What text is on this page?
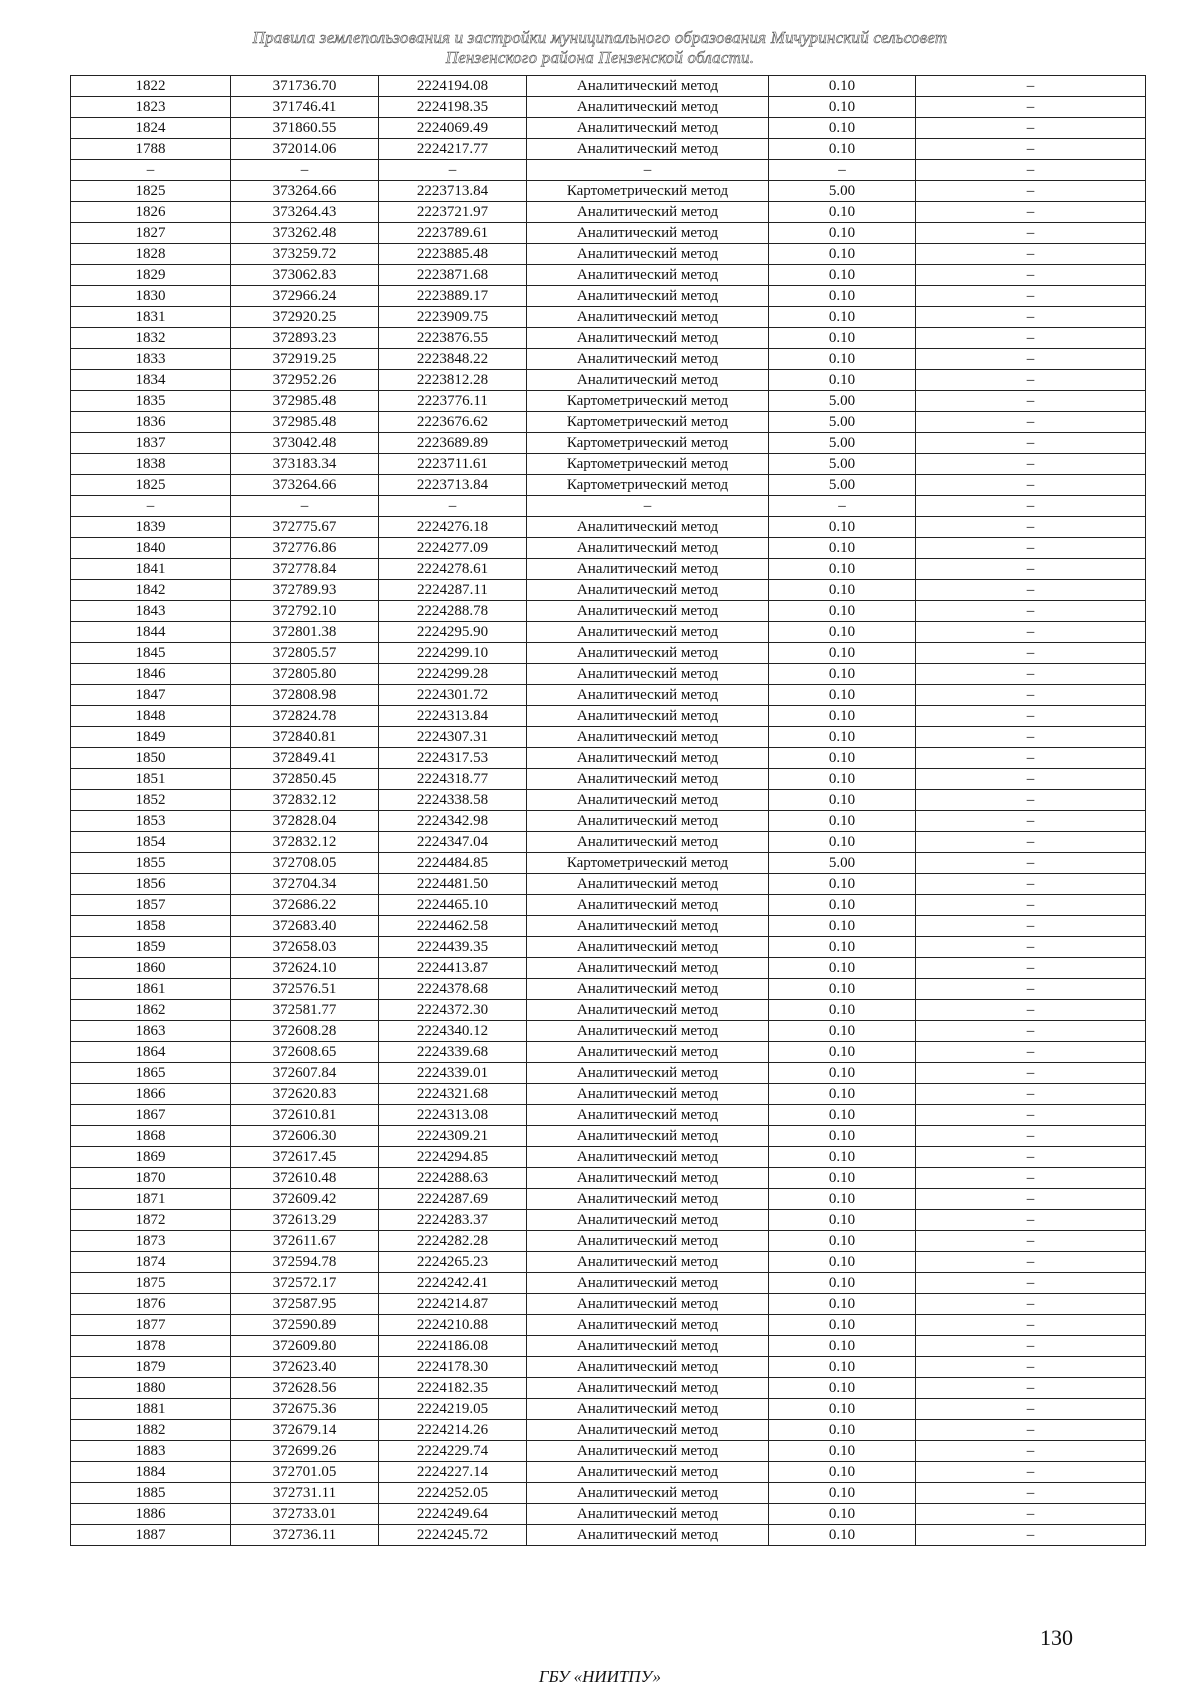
Правила землепользования и застройки муниципального образования Мичуринский сельсовет
Пензенского района Пензенской области.
1822	371736.70	2224194.08	Аналитический метод	0.10	–
1823	371746.41	2224198.35	Аналитический метод	0.10	–
1824	371860.55	2224069.49	Аналитический метод	0.10	–
1788	372014.06	2224217.77	Аналитический метод	0.10	–
–	–	–	–	–	–
1825	373264.66	2223713.84	Картометрический метод	5.00	–
1826	373264.43	2223721.97	Аналитический метод	0.10	–
1827	373262.48	2223789.61	Аналитический метод	0.10	–
1828	373259.72	2223885.48	Аналитический метод	0.10	–
1829	373062.83	2223871.68	Аналитический метод	0.10	–
1830	372966.24	2223889.17	Аналитический метод	0.10	–
1831	372920.25	2223909.75	Аналитический метод	0.10	–
1832	372893.23	2223876.55	Аналитический метод	0.10	–
1833	372919.25	2223848.22	Аналитический метод	0.10	–
1834	372952.26	2223812.28	Аналитический метод	0.10	–
1835	372985.48	2223776.11	Картометрический метод	5.00	–
1836	372985.48	2223676.62	Картометрический метод	5.00	–
1837	373042.48	2223689.89	Картометрический метод	5.00	–
1838	373183.34	2223711.61	Картометрический метод	5.00	–
1825	373264.66	2223713.84	Картометрический метод	5.00	–
–	–	–	–	–	–
1839	372775.67	2224276.18	Аналитический метод	0.10	–
1840	372776.86	2224277.09	Аналитический метод	0.10	–
1841	372778.84	2224278.61	Аналитический метод	0.10	–
1842	372789.93	2224287.11	Аналитический метод	0.10	–
1843	372792.10	2224288.78	Аналитический метод	0.10	–
1844	372801.38	2224295.90	Аналитический метод	0.10	–
1845	372805.57	2224299.10	Аналитический метод	0.10	–
1846	372805.80	2224299.28	Аналитический метод	0.10	–
1847	372808.98	2224301.72	Аналитический метод	0.10	–
1848	372824.78	2224313.84	Аналитический метод	0.10	–
1849	372840.81	2224307.31	Аналитический метод	0.10	–
1850	372849.41	2224317.53	Аналитический метод	0.10	–
1851	372850.45	2224318.77	Аналитический метод	0.10	–
1852	372832.12	2224338.58	Аналитический метод	0.10	–
1853	372828.04	2224342.98	Аналитический метод	0.10	–
1854	372832.12	2224347.04	Аналитический метод	0.10	–
1855	372708.05	2224484.85	Картометрический метод	5.00	–
1856	372704.34	2224481.50	Аналитический метод	0.10	–
1857	372686.22	2224465.10	Аналитический метод	0.10	–
1858	372683.40	2224462.58	Аналитический метод	0.10	–
1859	372658.03	2224439.35	Аналитический метод	0.10	–
1860	372624.10	2224413.87	Аналитический метод	0.10	–
1861	372576.51	2224378.68	Аналитический метод	0.10	–
1862	372581.77	2224372.30	Аналитический метод	0.10	–
1863	372608.28	2224340.12	Аналитический метод	0.10	–
1864	372608.65	2224339.68	Аналитический метод	0.10	–
1865	372607.84	2224339.01	Аналитический метод	0.10	–
1866	372620.83	2224321.68	Аналитический метод	0.10	–
1867	372610.81	2224313.08	Аналитический метод	0.10	–
1868	372606.30	2224309.21	Аналитический метод	0.10	–
1869	372617.45	2224294.85	Аналитический метод	0.10	–
1870	372610.48	2224288.63	Аналитический метод	0.10	–
1871	372609.42	2224287.69	Аналитический метод	0.10	–
1872	372613.29	2224283.37	Аналитический метод	0.10	–
1873	372611.67	2224282.28	Аналитический метод	0.10	–
1874	372594.78	2224265.23	Аналитический метод	0.10	–
1875	372572.17	2224242.41	Аналитический метод	0.10	–
1876	372587.95	2224214.87	Аналитический метод	0.10	–
1877	372590.89	2224210.88	Аналитический метод	0.10	–
1878	372609.80	2224186.08	Аналитический метод	0.10	–
1879	372623.40	2224178.30	Аналитический метод	0.10	–
1880	372628.56	2224182.35	Аналитический метод	0.10	–
1881	372675.36	2224219.05	Аналитический метод	0.10	–
1882	372679.14	2224214.26	Аналитический метод	0.10	–
1883	372699.26	2224229.74	Аналитический метод	0.10	–
1884	372701.05	2224227.14	Аналитический метод	0.10	–
1885	372731.11	2224252.05	Аналитический метод	0.10	–
1886	372733.01	2224249.64	Аналитический метод	0.10	–
1887	372736.11	2224245.72	Аналитический метод	0.10	–
130
ГБУ «НИИТПУ»
